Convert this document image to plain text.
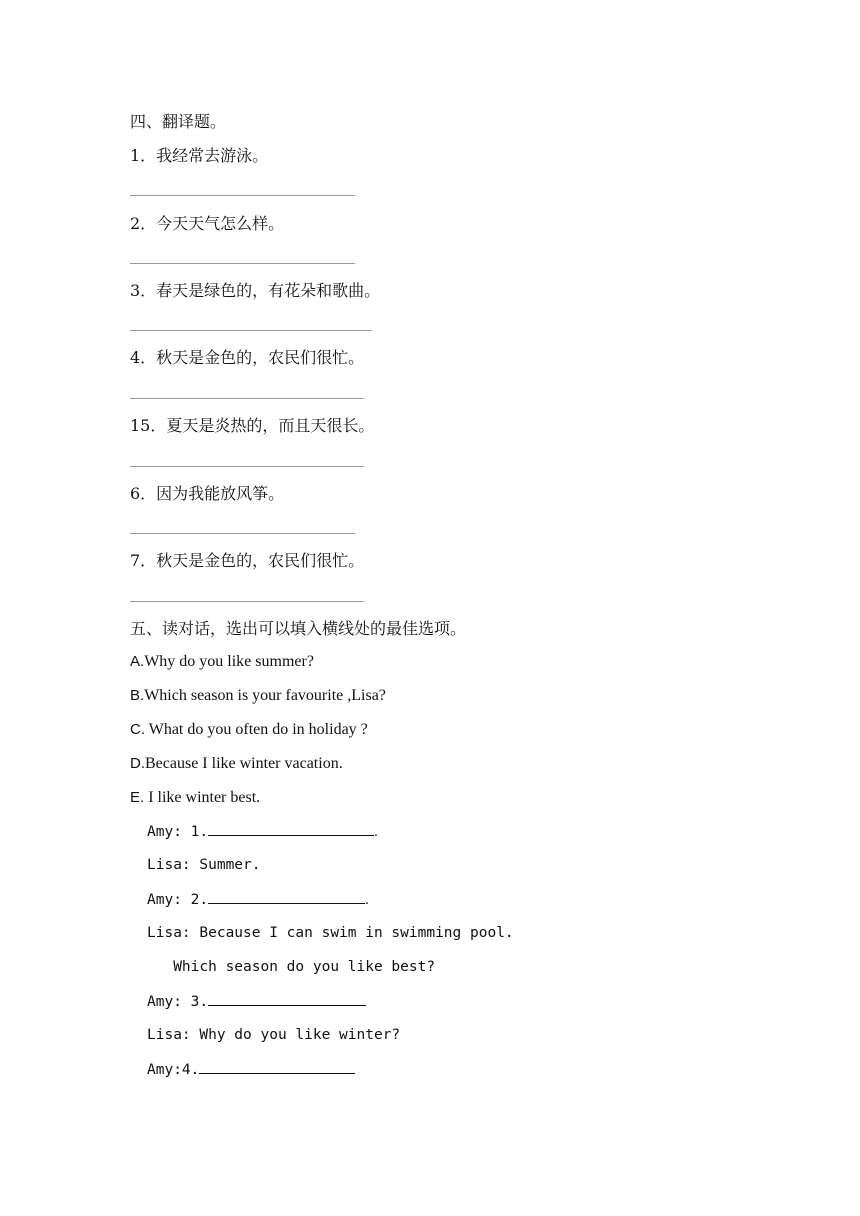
四、翻译题。
1．我经常去游泳。
2．今天天气怎么样。
3．春天是绿色的，有花朵和歌曲。
4．秋天是金色的，农民们很忙。
15．夏天是炎热的，而且天很长。
6．因为我能放风筝。
7．秋天是金色的，农民们很忙。
五、读对话，选出可以填入横线处的最佳选项。
A.Why do you like summer?
B.Which season is your favourite ,Lisa?
C. What do you often do in holiday ?
D.Because I like winter vacation.
E. I like winter best.
Amy: 1.	.
Lisa: Summer.
Amy: 2.	.
Lisa: Because I can swim in swimming pool.
Which season do you like best?
Amy: 3.
Lisa: Why do you like winter?
Amy:4.
